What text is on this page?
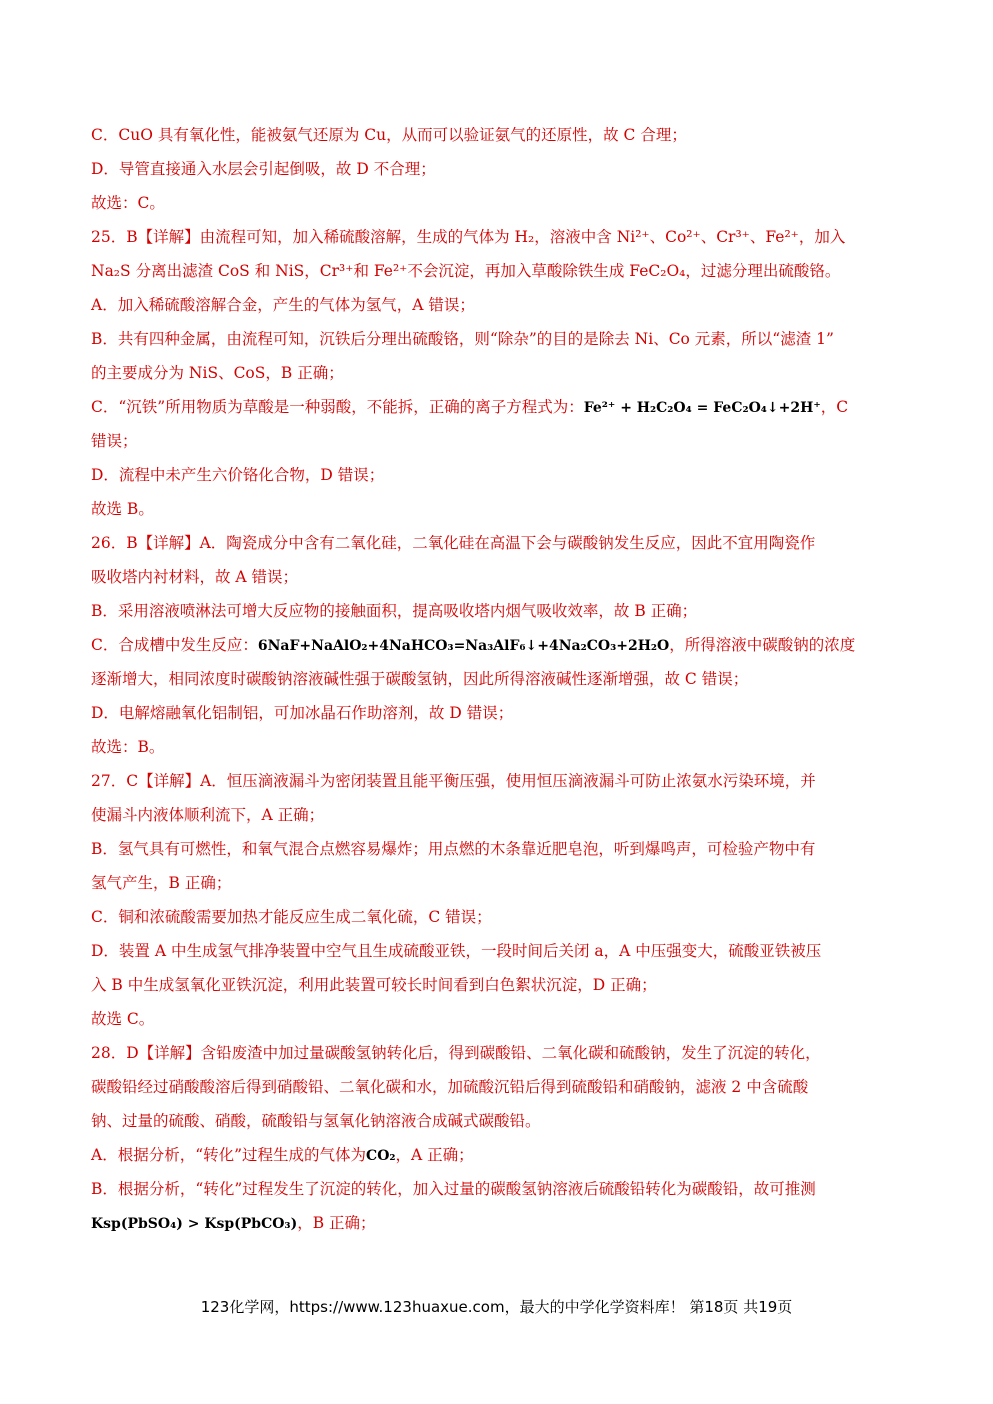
C．CuO 具有氧化性，能被氨气还原为 Cu，从而可以验证氨气的还原性，故 C 合理；
D．导管直接通入水层会引起倒吸，故 D 不合理；
故选：C。
25．B【详解】由流程可知，加入稀硫酸溶解，生成的气体为 H₂，溶液中含 Ni²⁺、Co²⁺、Cr³⁺、Fe²⁺，加入
Na₂S 分离出滤渣 CoS 和 NiS，Cr³⁺和 Fe²⁺不会沉淀，再加入草酸除铁生成 FeC₂O₄，过滤分理出硫酸铬。
A．加入稀硫酸溶解合金，产生的气体为氢气，A 错误；
B．共有四种金属，由流程可知，沉铁后分理出硫酸铬，则“除杂”的目的是除去 Ni、Co 元素，所以“滤渣 1”
的主要成分为 NiS、CoS，B 正确；
C．“沉铁”所用物质为草酸是一种弱酸，不能拆，正确的离子方程式为：Fe²⁺ + H₂C₂O₄ = FeC₂O₄↓+2H⁺，C
错误；
D．流程中未产生六价铬化合物，D 错误；
故选 B。
26．B【详解】A．陶瓷成分中含有二氧化硅，二氧化硅在高温下会与碳酸钠发生反应，因此不宜用陶瓷作
吸收塔内衬材料，故 A 错误；
B．采用溶液喷淋法可增大反应物的接触面积，提高吸收塔内烟气吸收效率，故 B 正确；
C．合成槽中发生反应：6NaF+NaAlO₂+4NaHCO₃=Na₃AlF₆↓+4Na₂CO₃+2H₂O，所得溶液中碳酸钠的浓度
逐渐增大，相同浓度时碳酸钠溶液碱性强于碳酸氢钠，因此所得溶液碱性逐渐增强，故 C 错误；
D．电解熔融氧化铝制铝，可加冰晶石作助溶剂，故 D 错误；
故选：B。
27．C【详解】A．恒压滴液漏斗为密闭装置且能平衡压强，使用恒压滴液漏斗可防止浓氨水污染环境，并
使漏斗内液体顺利流下，A 正确；
B．氢气具有可燃性，和氧气混合点燃容易爆炸；用点燃的木条靠近肥皂泡，听到爆鸣声，可检验产物中有
氢气产生，B 正确；
C．铜和浓硫酸需要加热才能反应生成二氧化硫，C 错误；
D．装置 A 中生成氢气排净装置中空气且生成硫酸亚铁，一段时间后关闭 a，A 中压强变大，硫酸亚铁被压
入 B 中生成氢氧化亚铁沉淀，利用此装置可较长时间看到白色絮状沉淀，D 正确；
故选 C。
28．D【详解】含铅废渣中加过量碳酸氢钠转化后，得到碳酸铅、二氧化碳和硫酸钠，发生了沉淀的转化，
碳酸铅经过硝酸酸溶后得到硝酸铅、二氧化碳和水，加硫酸沉铅后得到硫酸铅和硝酸钠，滤液 2 中含硫酸
钠、过量的硫酸、硝酸，硫酸铅与氢氧化钠溶液合成碱式碳酸铅。
A．根据分析，“转化”过程生成的气体为CO₂，A 正确；
B．根据分析，“转化”过程发生了沉淀的转化，加入过量的碳酸氢钠溶液后硫酸铅转化为碳酸铅，故可推测
Ksp(PbSO₄) > Ksp(PbCO₃)，B 正确；
123化学网，https://www.123huaxue.com，最大的中学化学资料库！ 第18页 共19页
